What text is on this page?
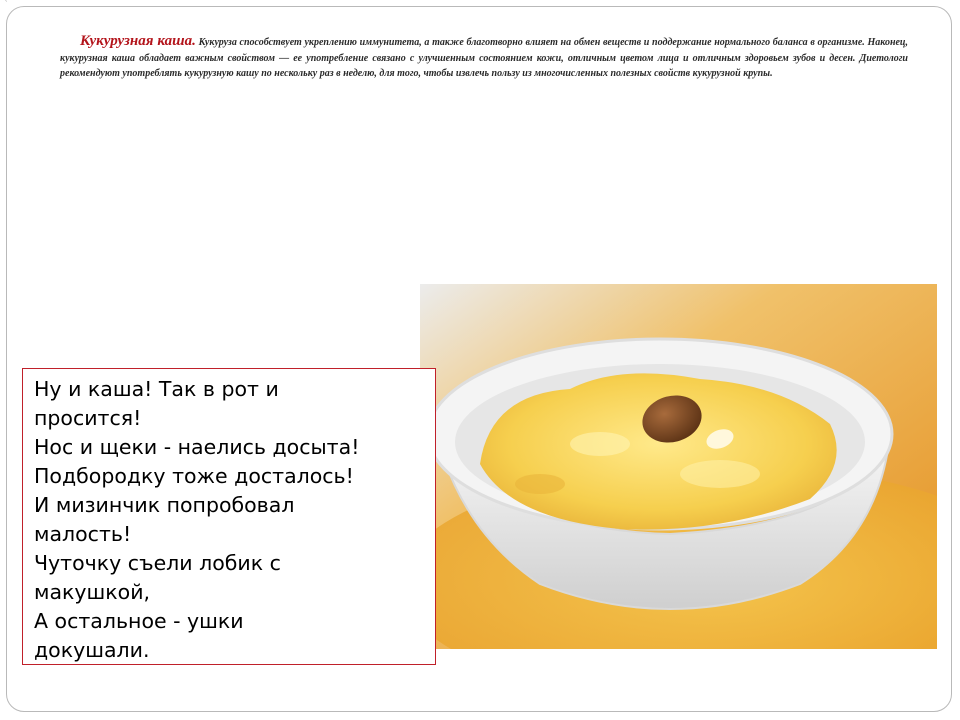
`
Кукурузная каша. Кукуруза способствует укреплению иммунитета, а также благотворно влияет на обмен веществ и поддержание нормального баланса в организме. Наконец, кукурузная каша обладает важным свойством — ее употребление связано с улучшенным состоянием кожи, отличным цветом лица и отличным здоровьем зубов и десен. Диетологи рекомендуют употреблять кукурузную кашу по нескольку раз в неделю, для того, чтобы извлечь пользу из многочисленных полезных свойств кукурузной крупы.
Ну и каша! Так в рот и
просится!
Нос и щеки - наелись досыта!
Подбородку тоже досталось!
И мизинчик попробовал
малость!
Чуточку съели лобик с
макушкой,
А остальное - ушки
докушали.
